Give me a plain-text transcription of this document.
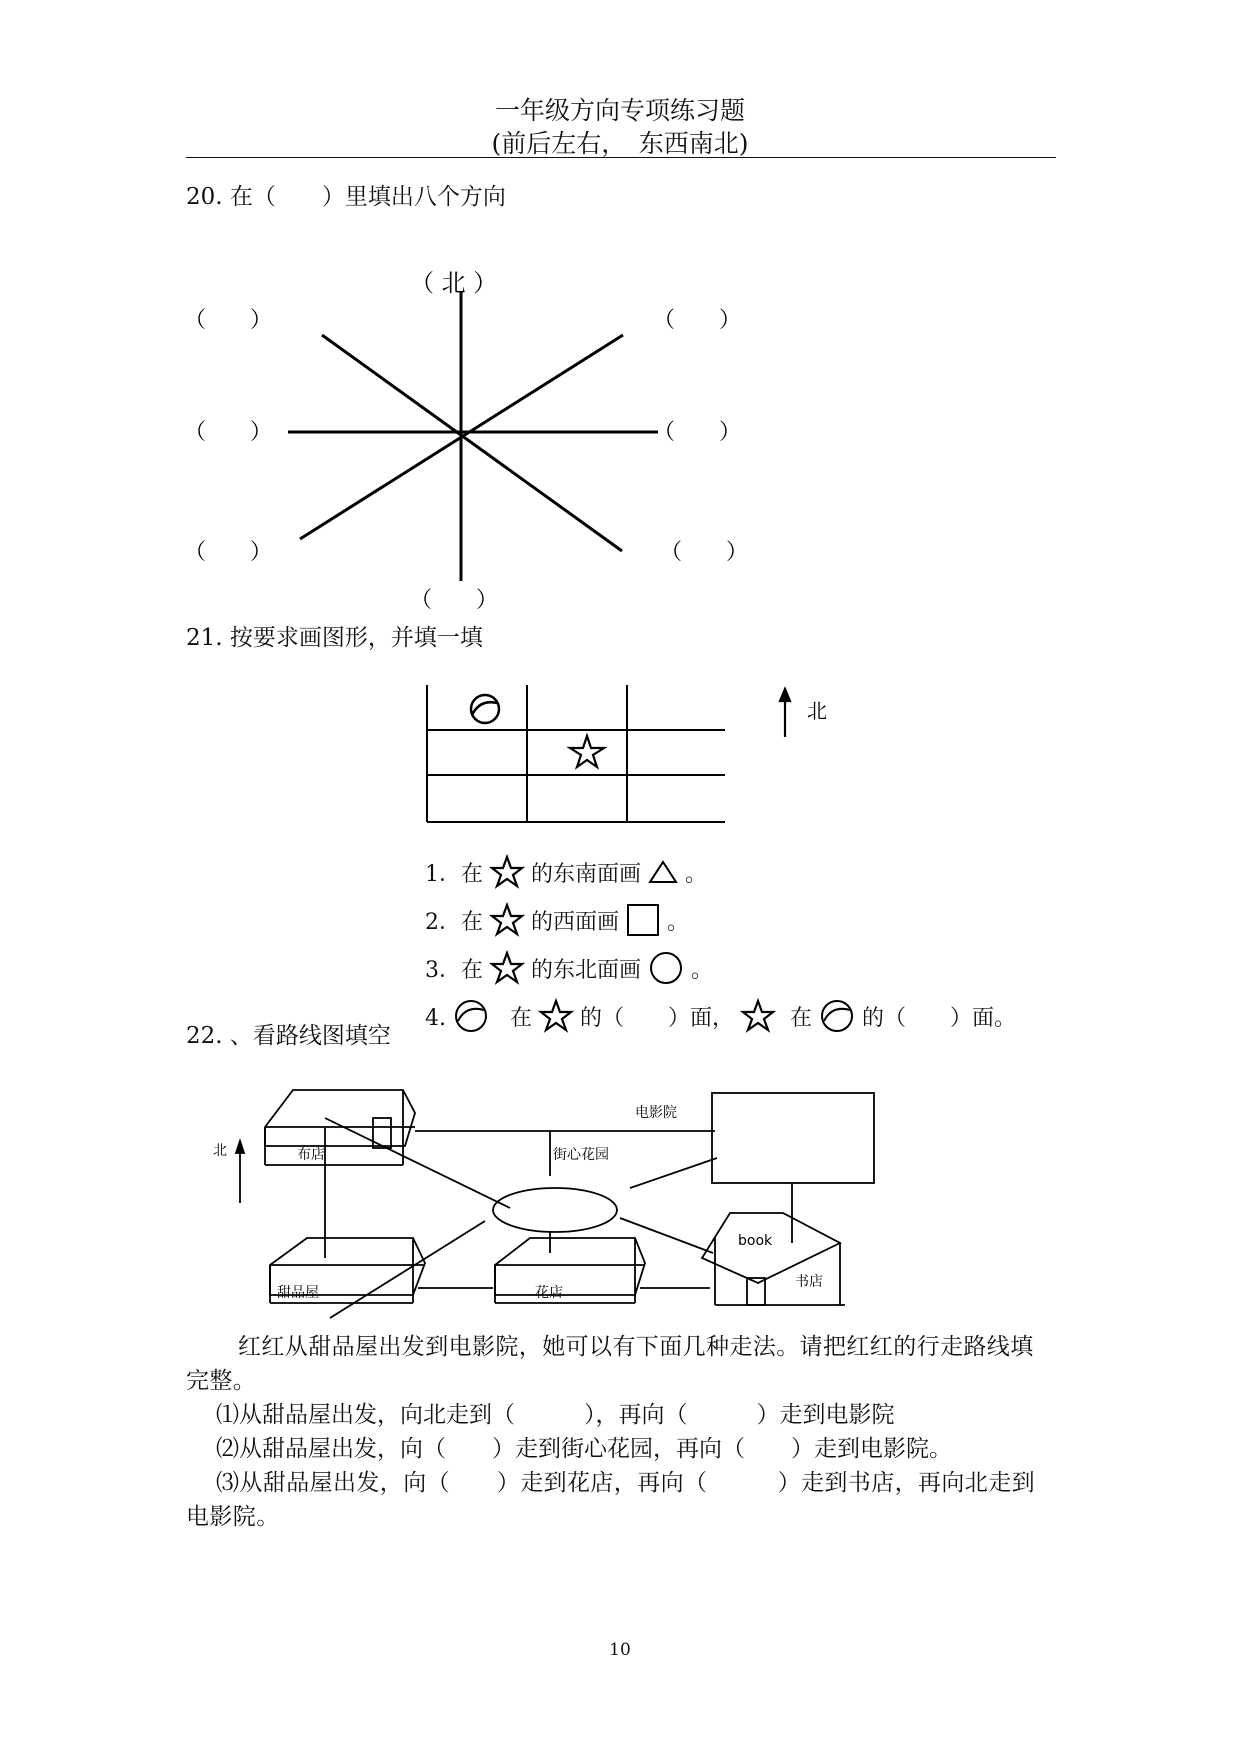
一年级方向专项练习题
(前后左右，　东西南北)
20. 在（　　）里填出八个方向
（ 北 ）
（　　）	（　　）
（　　）	（　　）
（　　）	（　　）
（　　）
21. 按要求画图形，并填一填
北
1．在 的东南面画 。
2．在 的西面画 。
3．在 的东北面画 。
4.	在 的（　　）面，	在 的（　　）面。
22. 、看路线图填空
北	布店
电影院
街心花园
甜品屋	花店
book
书店

红红从甜品屋出发到电影院，她可以有下面几种走法。请把红红的行走路线填完整。

⑴从甜品屋出发，向北走到（　　　），再向（　　　）走到电影院

⑵从甜品屋出发，向（　　）走到街心花园，再向（　　）走到电影院。

⑶从甜品屋出发，向（　　）走到花店，再向（　　　）走到书店，再向北走到电影院。

10
